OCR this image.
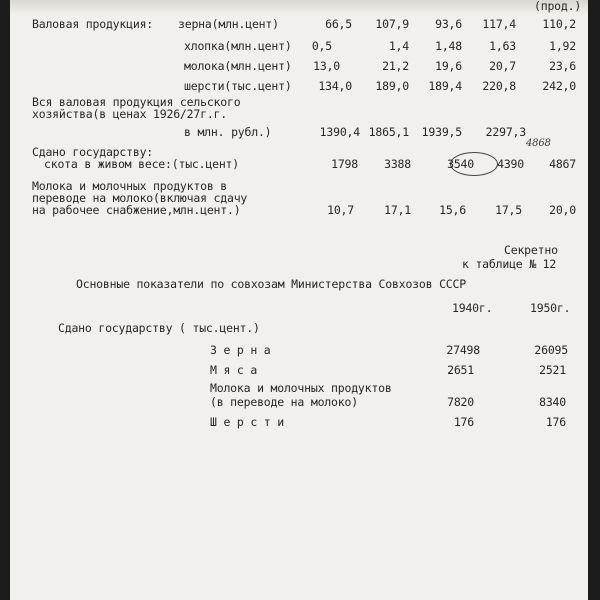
(прод.)
Валовая продукция: зерна(млн.цент)	66,5	107,9	93,6	117,4	110,2
хлопка(млн.цент)	0,5	1,4	1,48	1,63	1,92
молока(млн.цент)	13,0	21,2	19,6	20,7	23,6
шерсти(тыс.цент)	134,0	189,0	189,4	220,8	242,0
Вся валовая продукция сельского
хозяйства(в ценах 1926/27г.г.
в млн. рубл.)	1390,4 1865,1	1939,5	2297,3
Сдано государству:
4868
скота в живом весе:(тыс.цент)	1798	3388	3540	4390	4867
Молока и молочных продуктов в
переводе на молоко(включая сдачу
на рабочее снабжение,млн.цент.)	10,7	17,1	15,6	17,5	20,0
Секретно
к таблице № 12
Основные показатели по совхозам Министерства Совхозов СССР
1940г.	1950г.
Сдано государству ( тыс.цент.)
З е р н а	27498	26095
М я с а	2651	2521
Молока и молочных продуктов
(в переводе на молоко)	7820	8340
Ш е р с т и	176	176
